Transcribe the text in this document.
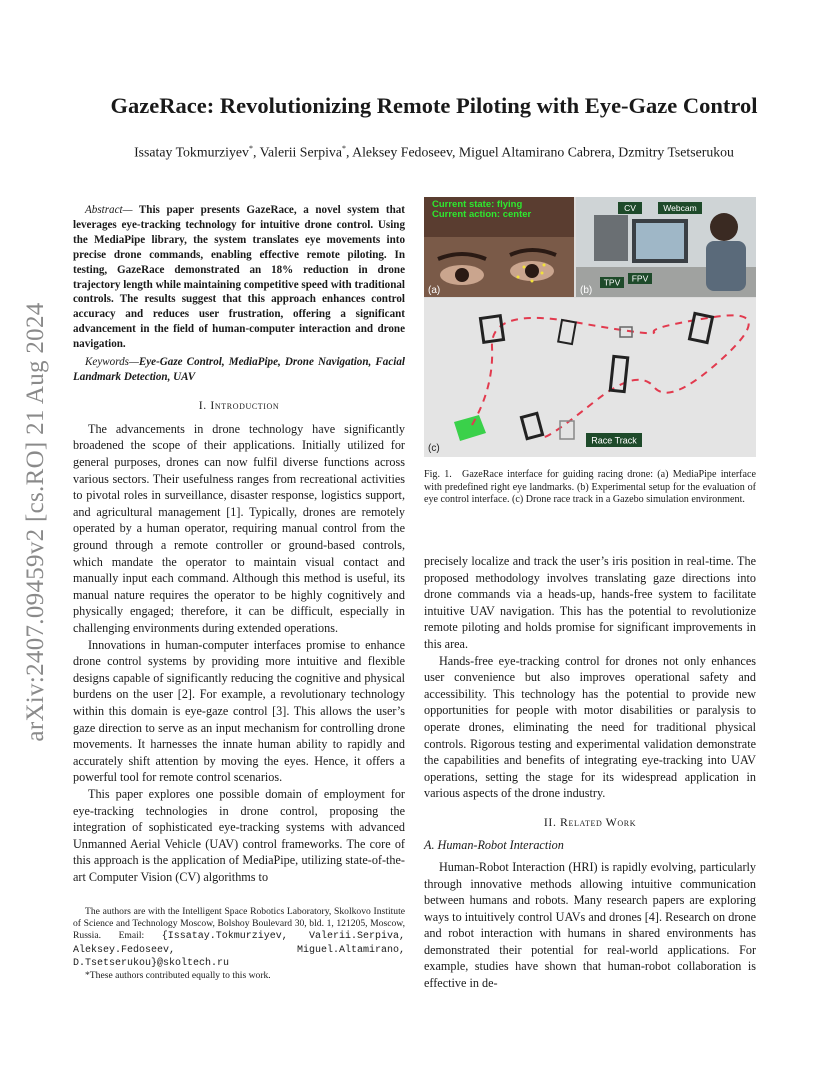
arXiv:2407.09459v2 [cs.RO] 21 Aug 2024
GazeRace: Revolutionizing Remote Piloting with Eye-Gaze Control
Issatay Tokmurziyev*, Valerii Serpiva*, Aleksey Fedoseev, Miguel Altamirano Cabrera, Dzmitry Tsetserukou

Abstract— This paper presents GazeRace, a novel system that leverages eye-tracking technology for intuitive drone control. Using the MediaPipe library, the system translates eye movements into precise drone commands, enabling effective remote piloting. In testing, GazeRace demonstrated an 18% reduction in drone trajectory length while maintaining competitive speed with traditional controls. The results suggest that this approach enhances control accuracy and reduces user frustration, offering a significant advancement in the field of human-computer interaction and drone navigation.

Keywords—Eye-Gaze Control, MediaPipe, Drone Navigation, Facial Landmark Detection, UAV

I. Introduction

The advancements in drone technology have significantly broadened the scope of their applications. Initially utilized for general purposes, drones can now fulfil diverse functions across various sectors. Their usefulness ranges from recreational activities to pivotal roles in surveillance, disaster response, logistics support, and agricultural management [1]. Typically, drones are remotely operated by a human operator, requiring manual control from the ground through a remote controller or ground-based controls, which mandate the operator to maintain visual contact and manually input each command. Although this method is useful, its manual nature requires the operator to be highly cognitively and physically engaged; therefore, it can be difficult, especially in challenging environments during extended operations.

Innovations in human-computer interfaces promise to enhance drone control systems by providing more intuitive and flexible designs capable of significantly reducing the cognitive and physical burdens on the user [2]. For example, a revolutionary technology within this domain is eye-gaze control [3]. This allows the user’s gaze direction to serve as an input mechanism for controlling drone movements. It harnesses the innate human ability to rapidly and accurately shift attention by moving the eyes. Hence, it offers a powerful tool for remote control scenarios.

This paper explores one possible domain of employment for eye-tracking technologies in drone control, proposing the integration of sophisticated eye-tracking systems with advanced Unmanned Aerial Vehicle (UAV) control frameworks. The core of this approach is the application of MediaPipe, utilizing state-of-the-art Computer Vision (CV) algorithms to

The authors are with the Intelligent Space Robotics Laboratory, Skolkovo Institute of Science and Technology Moscow, Bolshoy Boulevard 30, bld. 1, 121205, Moscow, Russia. Email: {Issatay.Tokmurziyev, Valerii.Serpiva, Aleksey.Fedoseev, Miguel.Altamirano, D.Tsetserukou}@skoltech.ru

*These authors contributed equally to this work.

Current state: flying
Current action: center
(a)
CV	Webcam
TPV FPV
(b)
Race Track
(c)

Fig. 1. GazeRace interface for guiding racing drone: (a) MediaPipe interface with predefined right eye landmarks. (b) Experimental setup for the evaluation of eye control interface. (c) Drone race track in a Gazebo simulation environment.

precisely localize and track the user’s iris position in real-time. The proposed methodology involves translating gaze directions into drone commands via a heads-up, hands-free system to facilitate intuitive UAV navigation. This has the potential to revolutionize remote piloting and holds promise for significant improvements in this area.

Hands-free eye-tracking control for drones not only enhances user convenience but also improves operational safety and accessibility. This technology has the potential to provide new opportunities for people with motor disabilities or paralysis to operate drones, eliminating the need for traditional physical controls. Rigorous testing and experimental validation demonstrate the capabilities and benefits of integrating eye-tracking into UAV operations, setting the stage for its widespread application in various aspects of the drone industry.

II. Related Work
A. Human-Robot Interaction

Human-Robot Interaction (HRI) is rapidly evolving, particularly through innovative methods allowing intuitive communication between humans and robots. Many research papers are exploring ways to intuitively control UAVs and drones [4]. Research on drone and robot interaction with humans in shared environments has demonstrated their potential for real-world applications. For example, studies have shown that human-robot collaboration is effective in de-
